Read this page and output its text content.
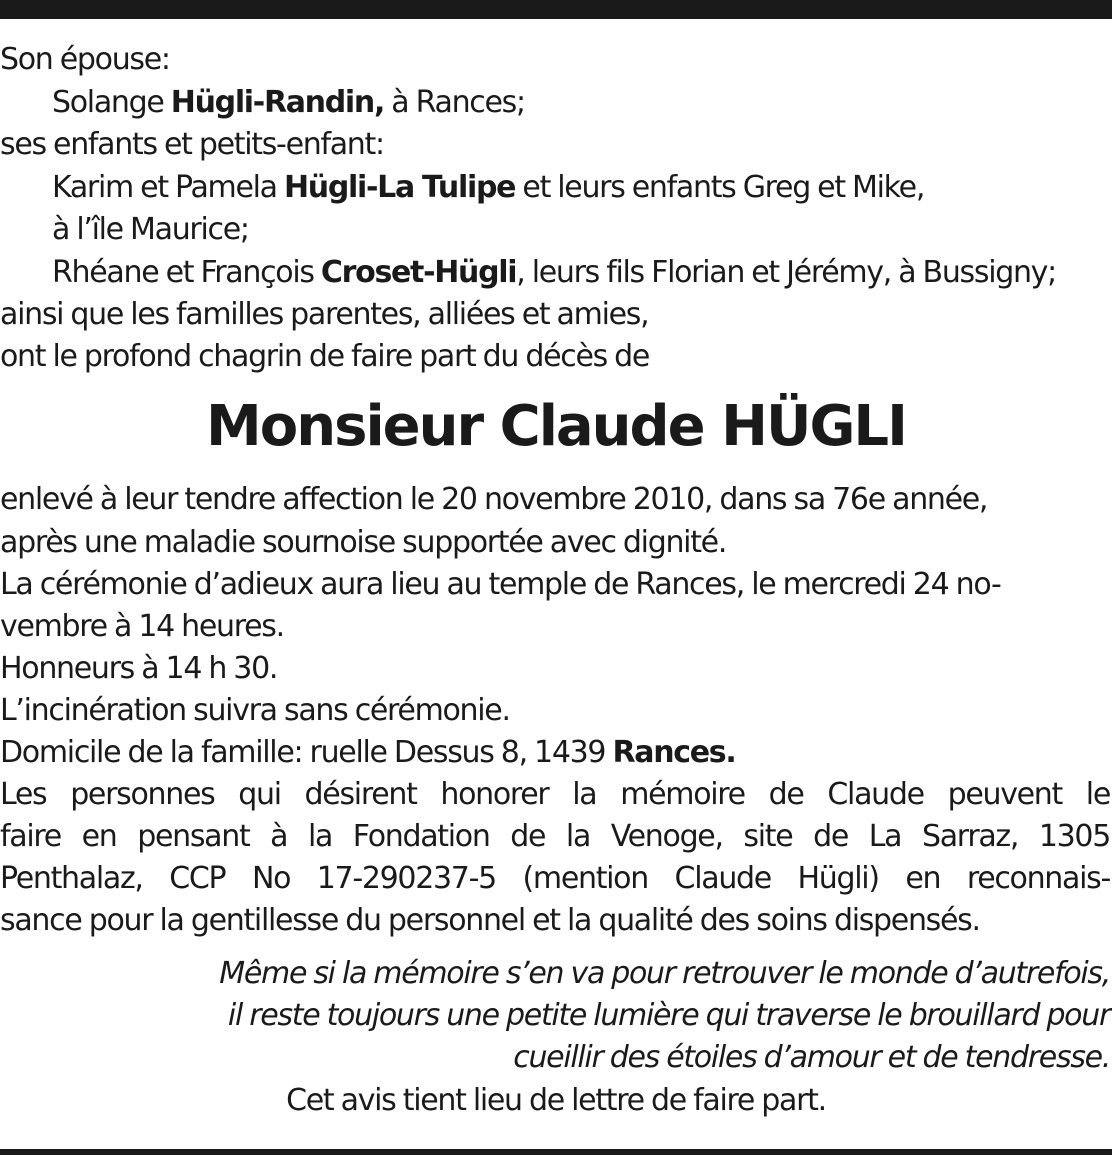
Son épouse:
Solange Hügli-Randin, à Rances;
ses enfants et petits-enfant:
Karim et Pamela Hügli-La Tulipe et leurs enfants Greg et Mike,
à l’île Maurice;
Rhéane et François Croset-Hügli, leurs fils Florian et Jérémy, à Bussigny;
ainsi que les familles parentes, alliées et amies,
ont le profond chagrin de faire part du décès de
Monsieur Claude HÜGLI
enlevé à leur tendre affection le 20 novembre 2010, dans sa 76e année,
après une maladie sournoise supportée avec dignité.
La cérémonie d’adieux aura lieu au temple de Rances, le mercredi 24 no-
vembre à 14 heures.
Honneurs à 14 h 30.
L’incinération suivra sans cérémonie.
Domicile de la famille: ruelle Dessus 8, 1439 Rances.
Les personnes qui désirent honorer la mémoire de Claude peuvent le
faire en pensant à la Fondation de la Venoge, site de La Sarraz, 1305
Penthalaz, CCP No 17-290237-5 (mention Claude Hügli) en reconnais-
sance pour la gentillesse du personnel et la qualité des soins dispensés.
Même si la mémoire s’en va pour retrouver le monde d’autrefois,
il reste toujours une petite lumière qui traverse le brouillard pour
cueillir des étoiles d’amour et de tendresse.
Cet avis tient lieu de lettre de faire part.
